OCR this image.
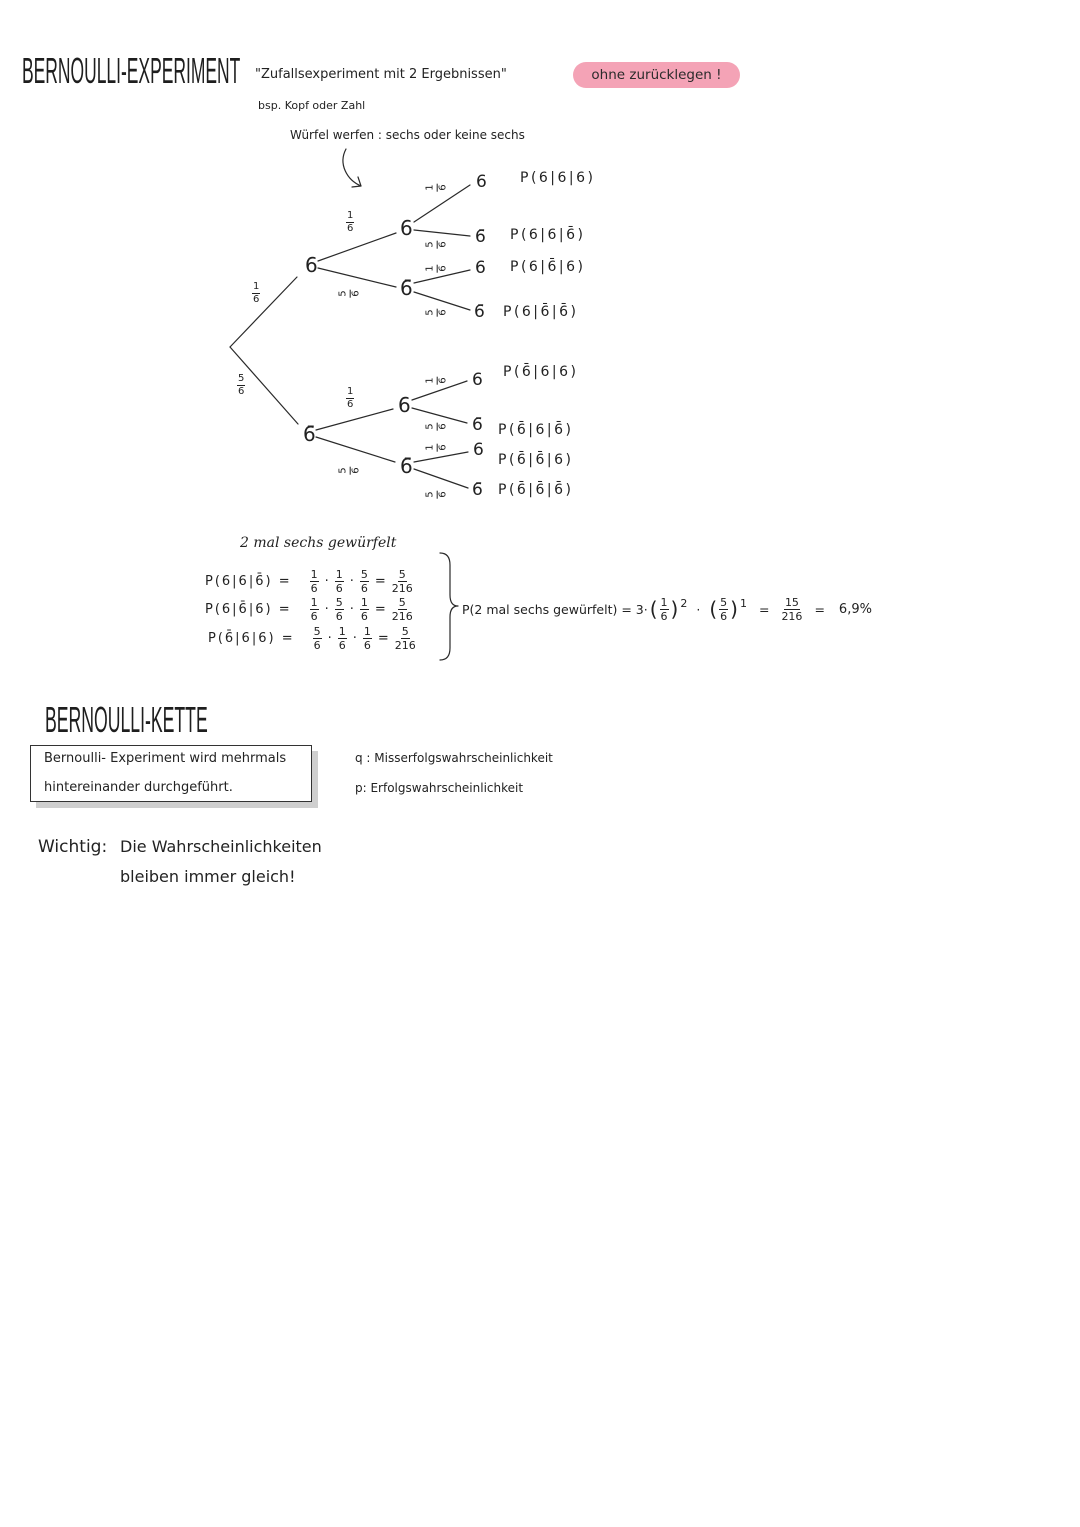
BERNOULLI-EXPERIMENT "Zufallsexperiment mit 2 Ergebnissen"	ohne zurücklegen !
bsp. Kopf oder Zahl
Würfel werfen : sechs oder keine sechs
6
6̄
6
6̄
6
6̄
6
6̄
6
6̄
6
6̄
6
6̄
$\frac{1}{6}$
$\frac{5}{6}$
$\frac{1}{6}$
5 6
$\frac{1}{6}$
5 6
1 6
5 6
1 6
5 6
1 6
5 6
1 6
5 6
P(6|6|6)
P(6|6|6̄)
P(6|6̄|6)
P(6|6̄|6̄)
P(6̄|6|6)
P(6̄|6|6̄)
P(6̄|6̄|6)
P(6̄|6̄|6̄)
2 mal sechs gewürfelt
P(6|6|6̄) = $\frac{1}{6} \cdot \frac{1}{6} \cdot \frac{5}{6} = \frac{5}{216}$
P(6|6̄|6) = $\frac{1}{6} \cdot \frac{5}{6} \cdot \frac{1}{6} = \frac{5}{216}$
P(6̄|6|6) = $\frac{5}{6} \cdot \frac{1}{6} \cdot \frac{1}{6} = \frac{5}{216}$
P(2 mal sechs gewürfelt) = 3· ( $\frac{1}{6}$ ) 2 · ( $\frac{5}{6}$ ) $1 = \frac{15}{216} = 6,9\%$
BERNOULLI-KETTE
Bernoulli- Experiment wird mehrmals
hintereinander durchgeführt.
q : Misserfolgswahrscheinlichkeit
p: Erfolgswahrscheinlichkeit
Wichtig: Die Wahrscheinlichkeiten
bleiben immer gleich!
